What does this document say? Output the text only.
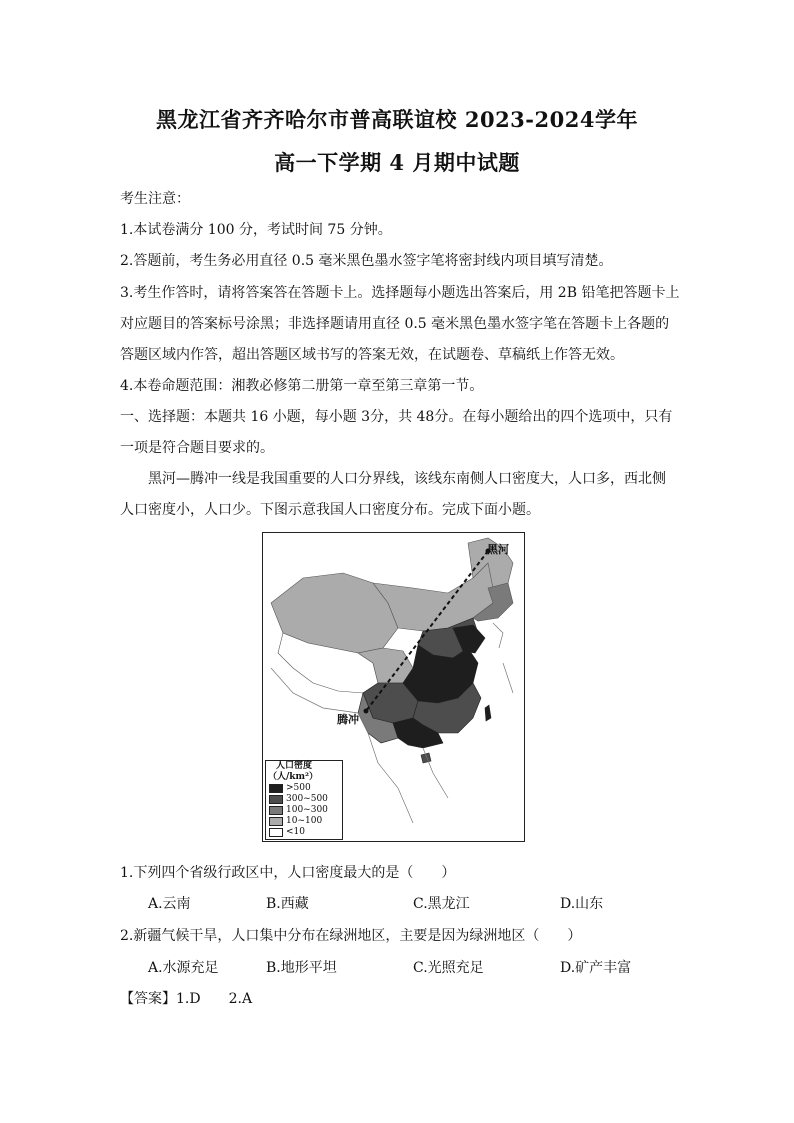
黑龙江省齐齐哈尔市普高联谊校 2023-2024学年
高一下学期 4 月期中试题
考生注意：
1.本试卷满分 100 分，考试时间 75 分钟。
2.答题前，考生务必用直径 0.5 毫米黑色墨水签字笔将密封线内项目填写清楚。
3.考生作答时，请将答案答在答题卡上。选择题每小题选出答案后，用 2B 铅笔把答题卡上
对应题目的答案标号涂黑；非选择题请用直径 0.5 毫米黑色墨水签字笔在答题卡上各题的
答题区域内作答，超出答题区域书写的答案无效，在试题卷、草稿纸上作答无效。
4.本卷命题范围：湘教必修第二册第一章至第三章第一节。
一、选择题：本题共 16 小题，每小题 3分，共 48分。在每小题给出的四个选项中，只有
一项是符合题目要求的。
黑河—腾冲一线是我国重要的人口分界线，该线东南侧人口密度大，人口多，西北侧
人口密度小，人口少。下图示意我国人口密度分布。完成下面小题。
黑河
腾冲
人口密度
（人/km²）
>500
300~500
100~300
10~100
<10
1.下列四个省级行政区中，人口密度最大的是（　　）
A.云南	B.西藏	C.黑龙江	D.山东
2.新疆气候干旱，人口集中分布在绿洲地区，主要是因为绿洲地区（　　）
A.水源充足	B.地形平坦	C.光照充足	D.矿产丰富
【答案】1.D　　2.A
